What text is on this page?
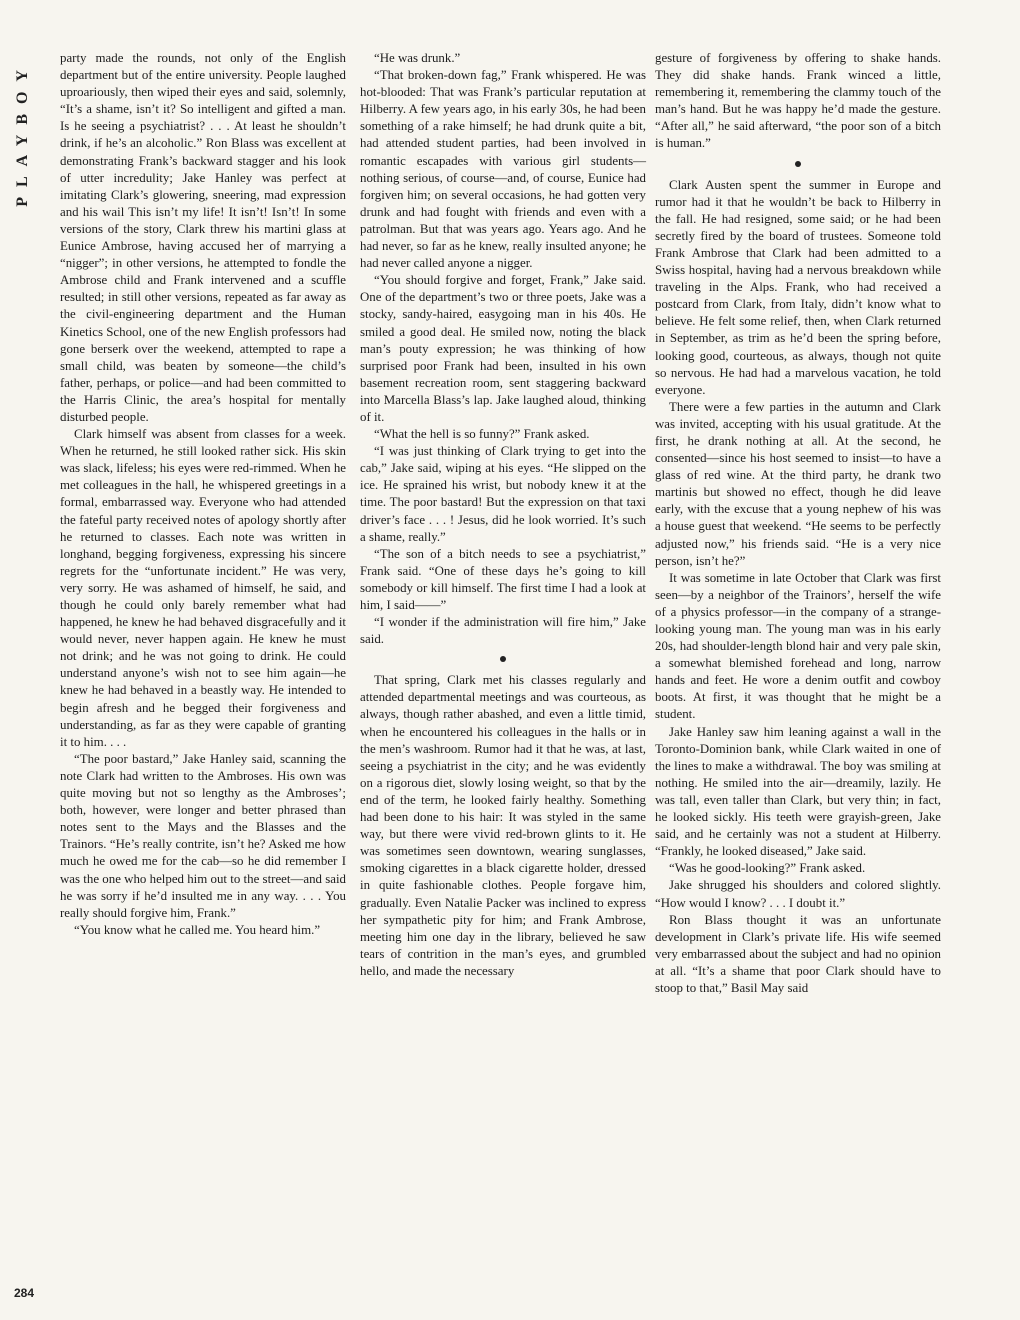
PLAYBOY
284

party made the rounds, not only of the English department but of the entire university. People laughed uproariously, then wiped their eyes and said, solemnly, “It’s a shame, isn’t it? So intelligent and gifted a man. Is he seeing a psychiatrist? . . . At least he shouldn’t drink, if he’s an alcoholic.” Ron Blass was excellent at demonstrating Frank’s backward stagger and his look of utter incredulity; Jake Hanley was perfect at imitating Clark’s glowering, sneering, mad expression and his wail This isn’t my life! It isn’t! Isn’t! In some versions of the story, Clark threw his martini glass at Eunice Ambrose, having accused her of marrying a “nigger”; in other versions, he attempted to fondle the Ambrose child and Frank intervened and a scuffle resulted; in still other versions, repeated as far away as the civil-engineering department and the Human Kinetics School, one of the new English professors had gone berserk over the weekend, attempted to rape a small child, was beaten by someone—the child’s father, perhaps, or police—and had been committed to the Harris Clinic, the area’s hospital for mentally disturbed people.

Clark himself was absent from classes for a week. When he returned, he still looked rather sick. His skin was slack, lifeless; his eyes were red-rimmed. When he met colleagues in the hall, he whispered greetings in a formal, embarrassed way. Everyone who had attended the fateful party received notes of apology shortly after he returned to classes. Each note was written in longhand, begging forgiveness, expressing his sincere regrets for the “unfortunate incident.” He was very, very sorry. He was ashamed of himself, he said, and though he could only barely remember what had happened, he knew he had behaved disgracefully and it would never, never happen again. He knew he must not drink; and he was not going to drink. He could understand anyone’s wish not to see him again—he knew he had behaved in a beastly way. He intended to begin afresh and he begged their forgiveness and understanding, as far as they were capable of granting it to him. . . .

“The poor bastard,” Jake Hanley said, scanning the note Clark had written to the Ambroses. His own was quite moving but not so lengthy as the Ambroses’; both, however, were longer and better phrased than notes sent to the Mays and the Blasses and the Trainors. “He’s really contrite, isn’t he? Asked me how much he owed me for the cab—so he did remember I was the one who helped him out to the street—and said he was sorry if he’d insulted me in any way. . . . You really should forgive him, Frank.”

“You know what he called me. You heard him.”

“He was drunk.”

“That broken-down fag,” Frank whispered. He was hot-blooded: That was Frank’s particular reputation at Hilberry. A few years ago, in his early 30s, he had been something of a rake himself; he had drunk quite a bit, had attended student parties, had been involved in romantic escapades with various girl students—nothing serious, of course—and, of course, Eunice had forgiven him; on several occasions, he had gotten very drunk and had fought with friends and even with a patrolman. But that was years ago. Years ago. And he had never, so far as he knew, really insulted anyone; he had never called anyone a nigger.

“You should forgive and forget, Frank,” Jake said. One of the department’s two or three poets, Jake was a stocky, sandy-haired, easygoing man in his 40s. He smiled a good deal. He smiled now, noting the black man’s pouty expression; he was thinking of how surprised poor Frank had been, insulted in his own basement recreation room, sent staggering backward into Marcella Blass’s lap. Jake laughed aloud, thinking of it.

“What the hell is so funny?” Frank asked.

“I was just thinking of Clark trying to get into the cab,” Jake said, wiping at his eyes. “He slipped on the ice. He sprained his wrist, but nobody knew it at the time. The poor bastard! But the expression on that taxi driver’s face . . . ! Jesus, did he look worried. It’s such a shame, really.”

“The son of a bitch needs to see a psychiatrist,” Frank said. “One of these days he’s going to kill somebody or kill himself. The first time I had a look at him, I said——”

“I wonder if the administration will fire him,” Jake said.

That spring, Clark met his classes regularly and attended departmental meetings and was courteous, as always, though rather abashed, and even a little timid, when he encountered his colleagues in the halls or in the men’s washroom. Rumor had it that he was, at last, seeing a psychiatrist in the city; and he was evidently on a rigorous diet, slowly losing weight, so that by the end of the term, he looked fairly healthy. Something had been done to his hair: It was styled in the same way, but there were vivid red-brown glints to it. He was sometimes seen downtown, wearing sunglasses, smoking cigarettes in a black cigarette holder, dressed in quite fashionable clothes. People forgave him, gradually. Even Natalie Packer was inclined to express her sympathetic pity for him; and Frank Ambrose, meeting him one day in the library, believed he saw tears of contrition in the man’s eyes, and grumbled hello, and made the necessary

gesture of forgiveness by offering to shake hands. They did shake hands. Frank winced a little, remembering it, remembering the clammy touch of the man’s hand. But he was happy he’d made the gesture. “After all,” he said afterward, “the poor son of a bitch is human.”

Clark Austen spent the summer in Europe and rumor had it that he wouldn’t be back to Hilberry in the fall. He had resigned, some said; or he had been secretly fired by the board of trustees. Someone told Frank Ambrose that Clark had been admitted to a Swiss hospital, having had a nervous breakdown while traveling in the Alps. Frank, who had received a postcard from Clark, from Italy, didn’t know what to believe. He felt some relief, then, when Clark returned in September, as trim as he’d been the spring before, looking good, courteous, as always, though not quite so nervous. He had had a marvelous vacation, he told everyone.

There were a few parties in the autumn and Clark was invited, accepting with his usual gratitude. At the first, he drank nothing at all. At the second, he consented—since his host seemed to insist—to have a glass of red wine. At the third party, he drank two martinis but showed no effect, though he did leave early, with the excuse that a young nephew of his was a house guest that weekend. “He seems to be perfectly adjusted now,” his friends said. “He is a very nice person, isn’t he?”

It was sometime in late October that Clark was first seen—by a neighbor of the Trainors’, herself the wife of a physics professor—in the company of a strange-looking young man. The young man was in his early 20s, had shoulder-length blond hair and very pale skin, a somewhat blemished forehead and long, narrow hands and feet. He wore a denim outfit and cowboy boots. At first, it was thought that he might be a student.

Jake Hanley saw him leaning against a wall in the Toronto-Dominion bank, while Clark waited in one of the lines to make a withdrawal. The boy was smiling at nothing. He smiled into the air—dreamily, lazily. He was tall, even taller than Clark, but very thin; in fact, he looked sickly. His teeth were grayish-green, Jake said, and he certainly was not a student at Hilberry. “Frankly, he looked diseased,” Jake said.

“Was he good-looking?” Frank asked.

Jake shrugged his shoulders and colored slightly. “How would I know? . . . I doubt it.”

Ron Blass thought it was an unfortunate development in Clark’s private life. His wife seemed very embarrassed about the subject and had no opinion at all. “It’s a shame that poor Clark should have to stoop to that,” Basil May said
